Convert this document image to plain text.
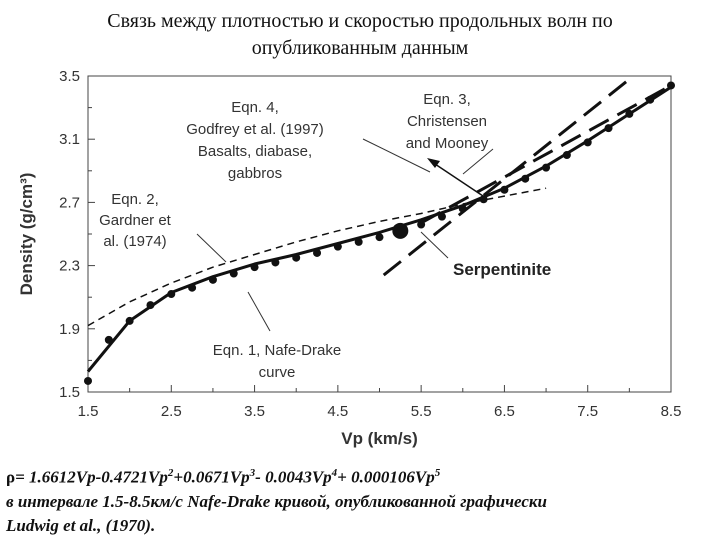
Связь между плотностью и скоростью продольных волн по
опубликованным данным
1.5	2.5	3.5	4.5	5.5	6.5	7.5	8.5
1.5
1.9
2.3
2.7
3.1
3.5
Vp (km/s)
Density (g/cm³)
Eqn. 4,
Godfrey et al. (1997)
Basalts, diabase,
gabbros
Eqn. 3,
Christensen
and Mooney
Eqn. 2,
Gardner et
al. (1974)
Eqn. 1, Nafe-Drake
curve
Serpentinite
$\rho= 1.6612Vp-0.4721Vp^2+0.0671Vp^3-$ $0.0043Vp^4+ 0.000106Vp^5$
в интервале 1.5-8.5км/с Nafe-Drake кривой, опубликованной графически
Ludwig et al., (1970).
